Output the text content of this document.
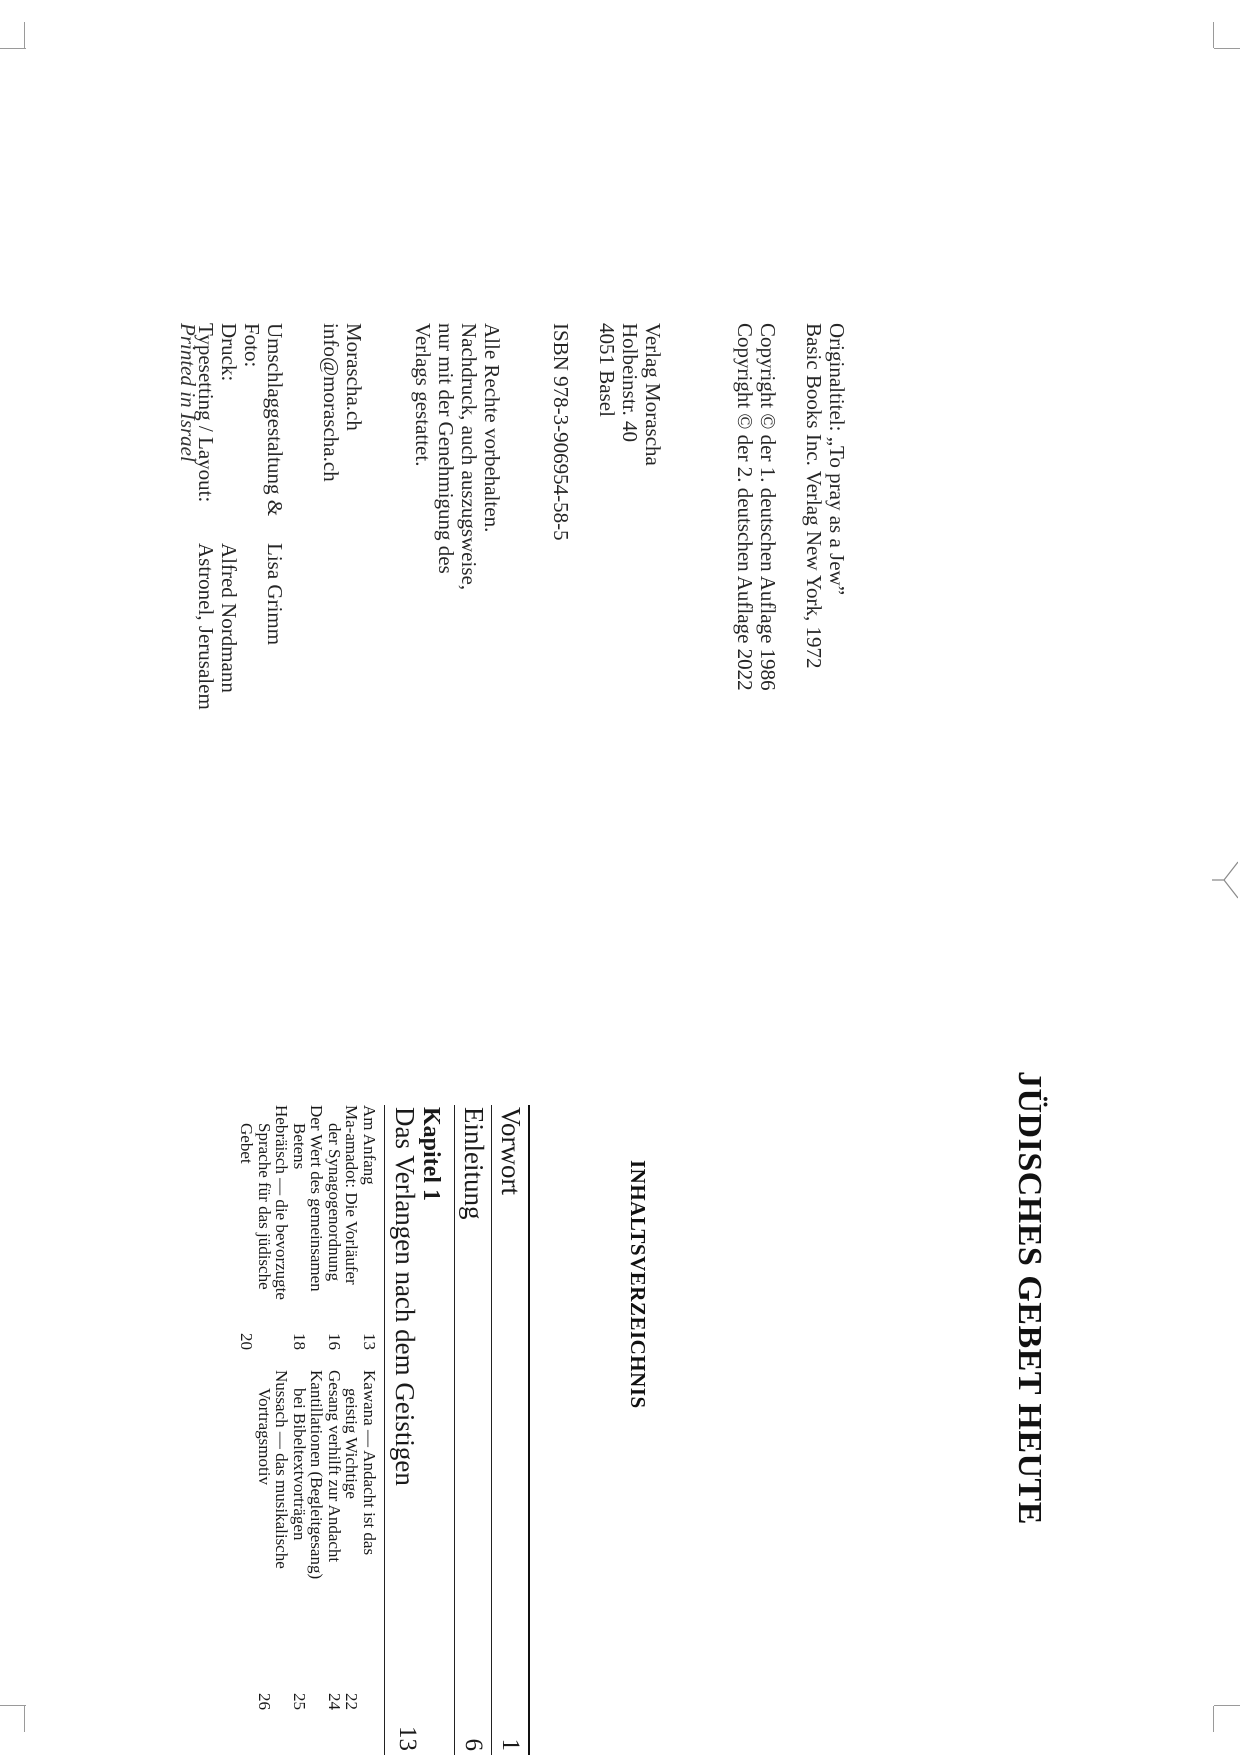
Originaltitel: „To pray as a Jew”
Basic Books Inc. Verlag New York, 1972
Copyright © der 1. deutschen Auflage 1986
Copyright © der 2. deutschen Auflage 2022
Verlag Morascha
Holbeinstr. 40
4051 Basel
ISBN 978-3-906954-58-5
Alle Rechte vorbehalten.
Nachdruck, auch auszugsweise,
nur mit der Genehmigung des
Verlags gestattet.
Morascha.ch
info@morascha.ch
Umschlaggestaltung & Foto:
Lisa Grimm
Druck:
Alfred Nordmann
Typesetting / Layout:
Astronel, Jerusalem
Printed in Israel
JÜDISCHES GEBET HEUTE
INHALTSVERZEICHNIS
Vorwort
1
Einleitung
6
Kapitel 1
Das Verlangen nach dem Geistigen
13
Am Anfang
13
Ma-amadot: Die Vorläufer
der Synagogenordnung
16
Der Wert des gemeinsamen
Betens
18
Hebräisch — die bevorzugte
Sprache für das jüdische
Gebet
20
Kawana — Andacht ist das
geistig Wichtige
22
Gesang verhilft zur Andacht
24
Kantillationen (Begleitgesang)
bei Bibeltextvorträgen
25
Nussach — das musikalische
Vortragsmotiv
26
